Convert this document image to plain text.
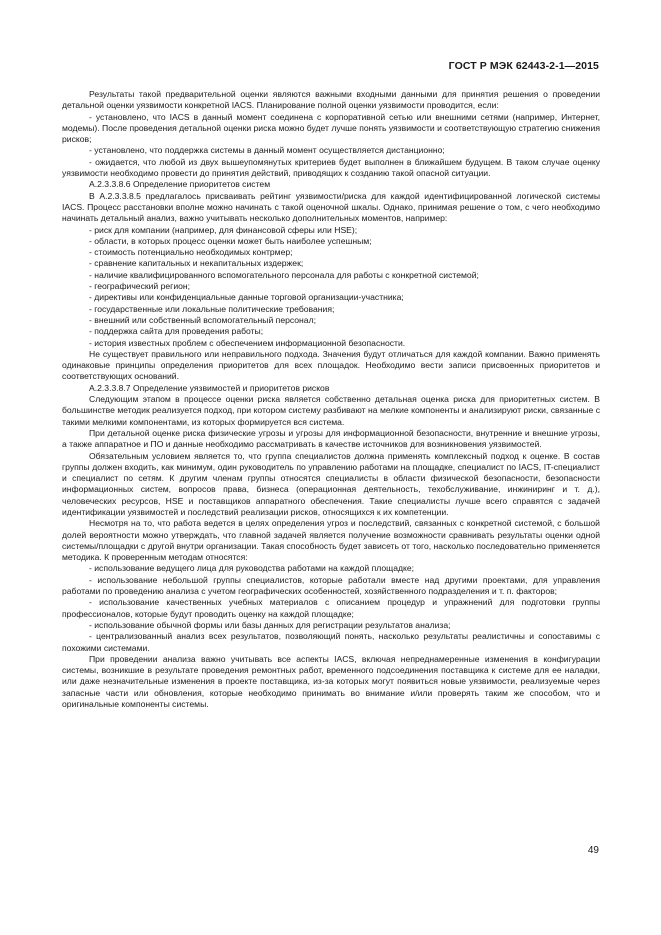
ГОСТ Р МЭК 62443-2-1—2015

Результаты такой предварительной оценки являются важными входными данными для принятия решения о проведении детальной оценки уязвимости конкретной IACS. Планирование полной оценки уязвимости проводится, если:

- установлено, что IACS в данный момент соединена с корпоративной сетью или внешними сетями (например, Интернет, модемы). После проведения детальной оценки риска можно будет лучше понять уязвимости и соответствующую стратегию снижения рисков;

- установлено, что поддержка системы в данный момент осуществляется дистанционно;

- ожидается, что любой из двух вышеупомянутых критериев будет выполнен в ближайшем будущем. В таком случае оценку уязвимости необходимо провести до принятия действий, приводящих к созданию такой опасной ситуации.

А.2.3.3.8.6 Определение приоритетов систем

В А.2.3.3.8.5 предлагалось присваивать рейтинг уязвимости/риска для каждой идентифицированной логической системы IACS. Процесс расстановки вполне можно начинать с такой оценочной шкалы. Однако, принимая решение о том, с чего необходимо начинать детальный анализ, важно учитывать несколько дополнительных моментов, например:

- риск для компании (например, для финансовой сферы или HSE);

- области, в которых процесс оценки может быть наиболее успешным;

- стоимость потенциально необходимых контрмер;

- сравнение капитальных и некапитальных издержек;

- наличие квалифицированного вспомогательного персонала для работы с конкретной системой;

- географический регион;

- директивы или конфиденциальные данные торговой организации-участника;

- государственные или локальные политические требования;

- внешний или собственный вспомогательный персонал;

- поддержка сайта для проведения работы;

- история известных проблем с обеспечением информационной безопасности.

Не существует правильного или неправильного подхода. Значения будут отличаться для каждой компании. Важно применять одинаковые принципы определения приоритетов для всех площадок. Необходимо вести записи присвоенных приоритетов и соответствующих оснований.

А.2.3.3.8.7 Определение уязвимостей и приоритетов рисков

Следующим этапом в процессе оценки риска является собственно детальная оценка риска для приоритетных систем. В большинстве методик реализуется подход, при котором систему разбивают на мелкие компоненты и анализируют риски, связанные с такими мелкими компонентами, из которых формируется вся система.

При детальной оценке риска физические угрозы и угрозы для информационной безопасности, внутренние и внешние угрозы, а также аппаратное и ПО и данные необходимо рассматривать в качестве источников для возникновения уязвимостей.

Обязательным условием является то, что группа специалистов должна применять комплексный подход к оценке. В состав группы должен входить, как минимум, один руководитель по управлению работами на площадке, специалист по IACS, IT-специалист и специалист по сетям. К другим членам группы относятся специалисты в области физической безопасности, безопасности информационных систем, вопросов права, бизнеса (операционная деятельность, техобслуживание, инжиниринг и т. д.), человеческих ресурсов, HSE и поставщиков аппаратного обеспечения. Такие специалисты лучше всего справятся с задачей идентификации уязвимостей и последствий реализации рисков, относящихся к их компетенции.

Несмотря на то, что работа ведется в целях определения угроз и последствий, связанных с конкретной системой, с большой долей вероятности можно утверждать, что главной задачей является получение возможности сравнивать результаты оценки одной системы/площадки с другой внутри организации. Такая способность будет зависеть от того, насколько последовательно применяется методика. К проверенным методам относятся:

- использование ведущего лица для руководства работами на каждой площадке;

- использование небольшой группы специалистов, которые работали вместе над другими проектами, для управления работами по проведению анализа с учетом географических особенностей, хозяйственного подразделения и т. п. факторов;

- использование качественных учебных материалов с описанием процедур и упражнений для подготовки группы профессионалов, которые будут проводить оценку на каждой площадке;

- использование обычной формы или базы данных для регистрации результатов анализа;

- централизованный анализ всех результатов, позволяющий понять, насколько результаты реалистичны и сопоставимы с похожими системами.

При проведении анализа важно учитывать все аспекты IACS, включая непреднамеренные изменения в конфигурации системы, возникшие в результате проведения ремонтных работ, временного подсоединения поставщика к системе для ее наладки, или даже незначительные изменения в проекте поставщика, из-за которых могут появиться новые уязвимости, реализуемые через запасные части или обновления, которые необходимо принимать во внимание и/или проверять таким же способом, что и оригинальные компоненты системы.

49
